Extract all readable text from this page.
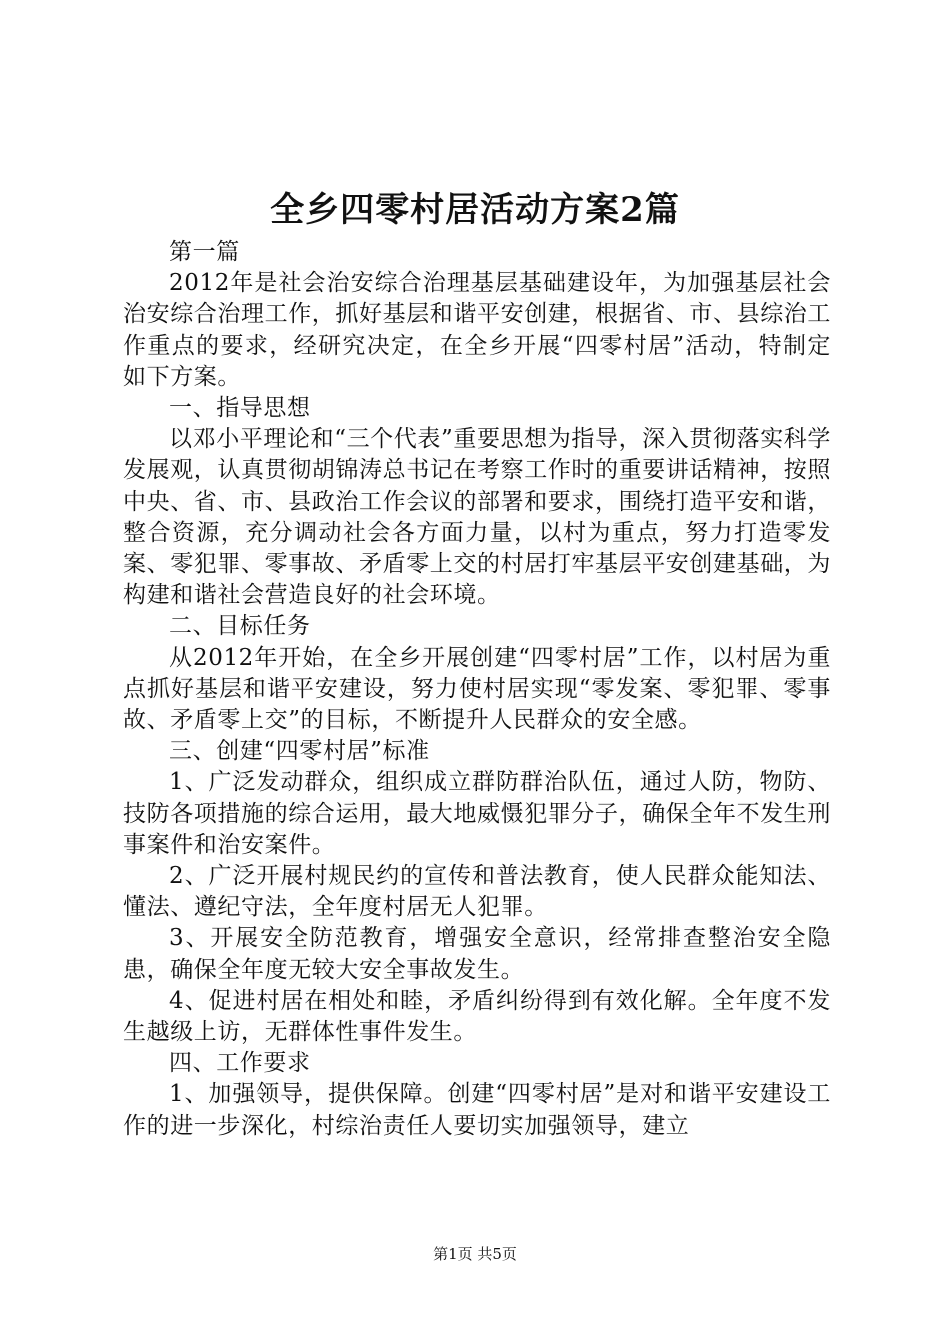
全乡四零村居活动方案2篇

第一篇

2012年是社会治安综合治理基层基础建设年，为加强基层社会治安综合治理工作，抓好基层和谐平安创建，根据省、市、县综治工作重点的要求，经研究决定，在全乡开展“四零村居”活动，特制定如下方案。

一、指导思想

以邓小平理论和“三个代表”重要思想为指导，深入贯彻落实科学发展观，认真贯彻胡锦涛总书记在考察工作时的重要讲话精神，按照中央、省、市、县政治工作会议的部署和要求，围绕打造平安和谐，整合资源，充分调动社会各方面力量，以村为重点，努力打造零发案、零犯罪、零事故、矛盾零上交的村居打牢基层平安创建基础，为构建和谐社会营造良好的社会环境。

二、目标任务

从2012年开始，在全乡开展创建“四零村居”工作，以村居为重点抓好基层和谐平安建设，努力使村居实现“零发案、零犯罪、零事故、矛盾零上交”的目标，不断提升人民群众的安全感。

三、创建“四零村居”标准

1、广泛发动群众，组织成立群防群治队伍，通过人防，物防、技防各项措施的综合运用，最大地威慑犯罪分子，确保全年不发生刑事案件和治安案件。

2、广泛开展村规民约的宣传和普法教育，使人民群众能知法、懂法、遵纪守法，全年度村居无人犯罪。

3、开展安全防范教育，增强安全意识，经常排查整治安全隐患，确保全年度无较大安全事故发生。

4、促进村居在相处和睦，矛盾纠纷得到有效化解。全年度不发生越级上访，无群体性事件发生。

四、工作要求

1、加强领导，提供保障。创建“四零村居”是对和谐平安建设工作的进一步深化，村综治责任人要切实加强领导，建立

第1页 共5页
